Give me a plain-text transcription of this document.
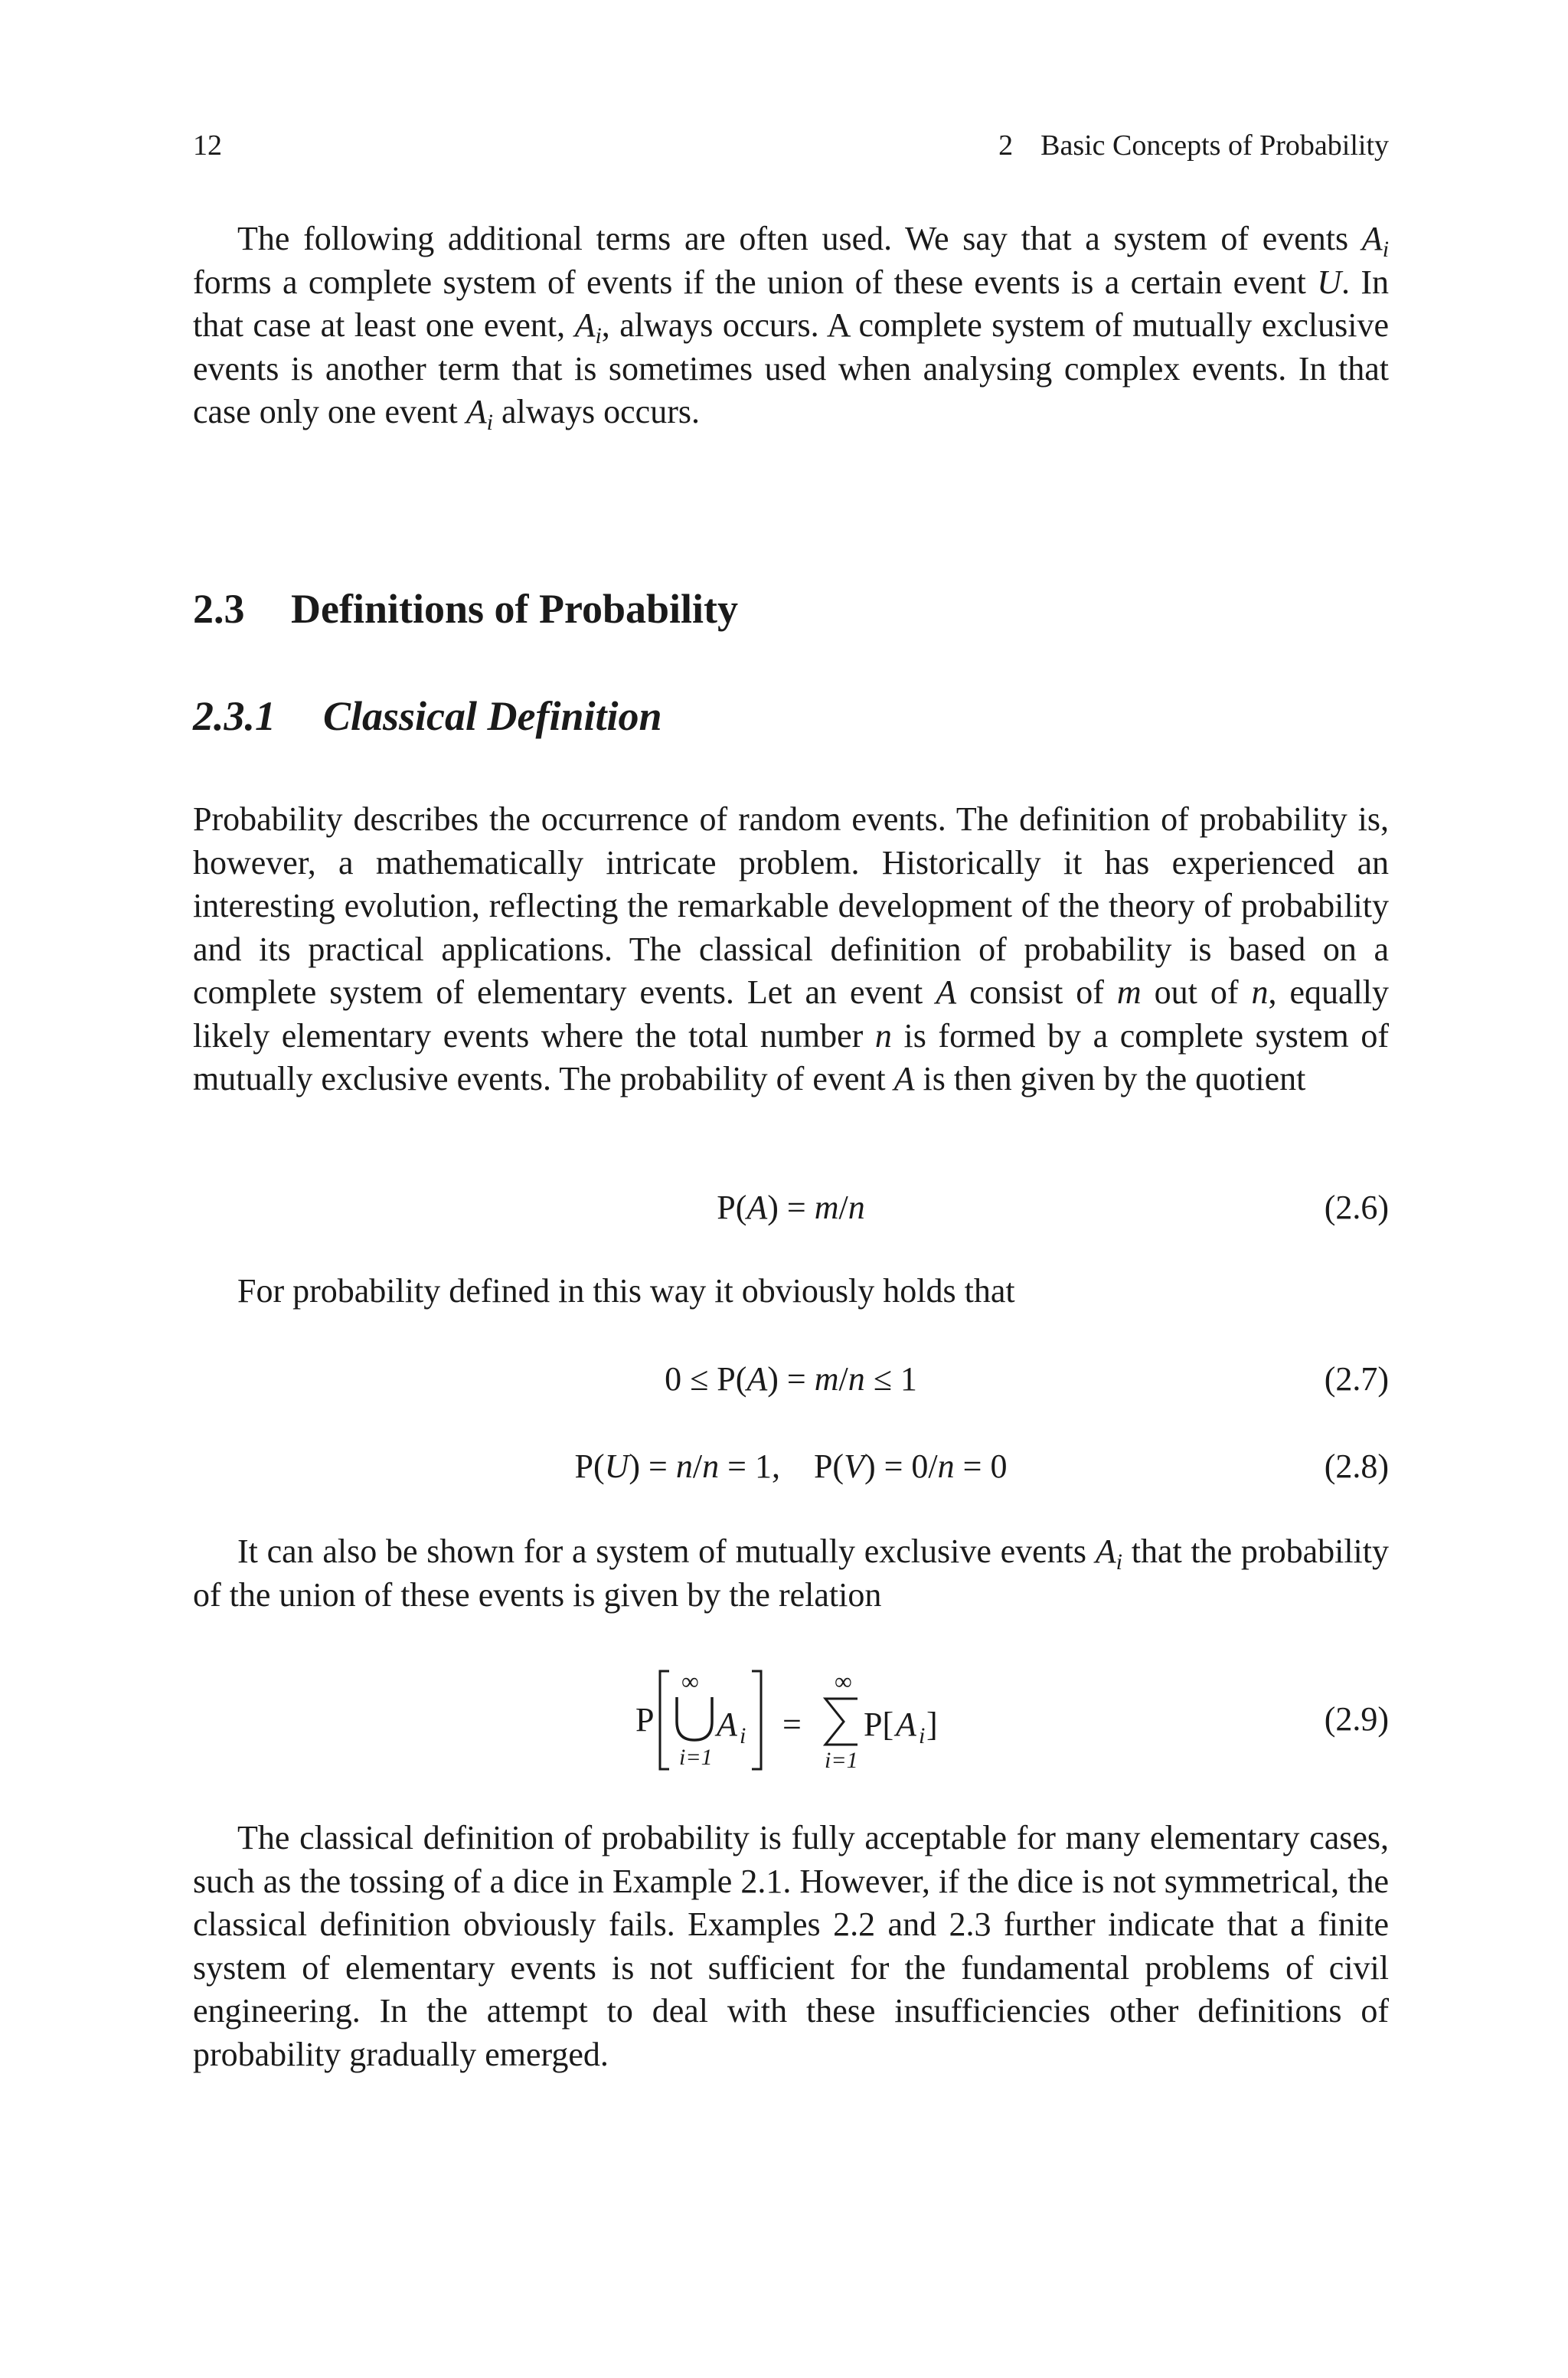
12	2 Basic Concepts of Probability

The following additional terms are often used. We say that a system of events $A_i$ forms a complete system of events if the union of these events is a certain event U. In that case at least one event, $A_i$, always occurs. A complete system of mutually exclusive events is another term that is sometimes used when analysing complex events. In that case only one event $A_i$ always occurs.

2.3 Definitions of Probability
2.3.1 Classical Definition

Probability describes the occurrence of random events. The definition of probability is, however, a mathematically intricate problem. Historically it has experienced an interesting evolution, reflecting the remarkable development of the theory of probability and its practical applications. The classical definition of probability is based on a complete system of elementary events. Let an event A consist of m out of n, equally likely elementary events where the total number n is formed by a complete system of mutually exclusive events. The probability of event A is then given by the quotient

P(A) = m/n	(2.6)

For probability defined in this way it obviously holds that

0 ≤ P(A) = m/n ≤ 1	(2.7)
P(U) = n/n = 1,    P(V) = 0/n = 0	(2.8)

It can also be shown for a system of mutually exclusive events $A_i$ that the probability of the union of these events is given by the relation

P
∞
i=1
A i =
∞
i=1
P[ A i ]	(2.9)

The classical definition of probability is fully acceptable for many elementary cases, such as the tossing of a dice in Example 2.1. However, if the dice is not symmetrical, the classical definition obviously fails. Examples 2.2 and 2.3 further indicate that a finite system of elementary events is not sufficient for the fundamental problems of civil engineering. In the attempt to deal with these insufficiencies other definitions of probability gradually emerged.
